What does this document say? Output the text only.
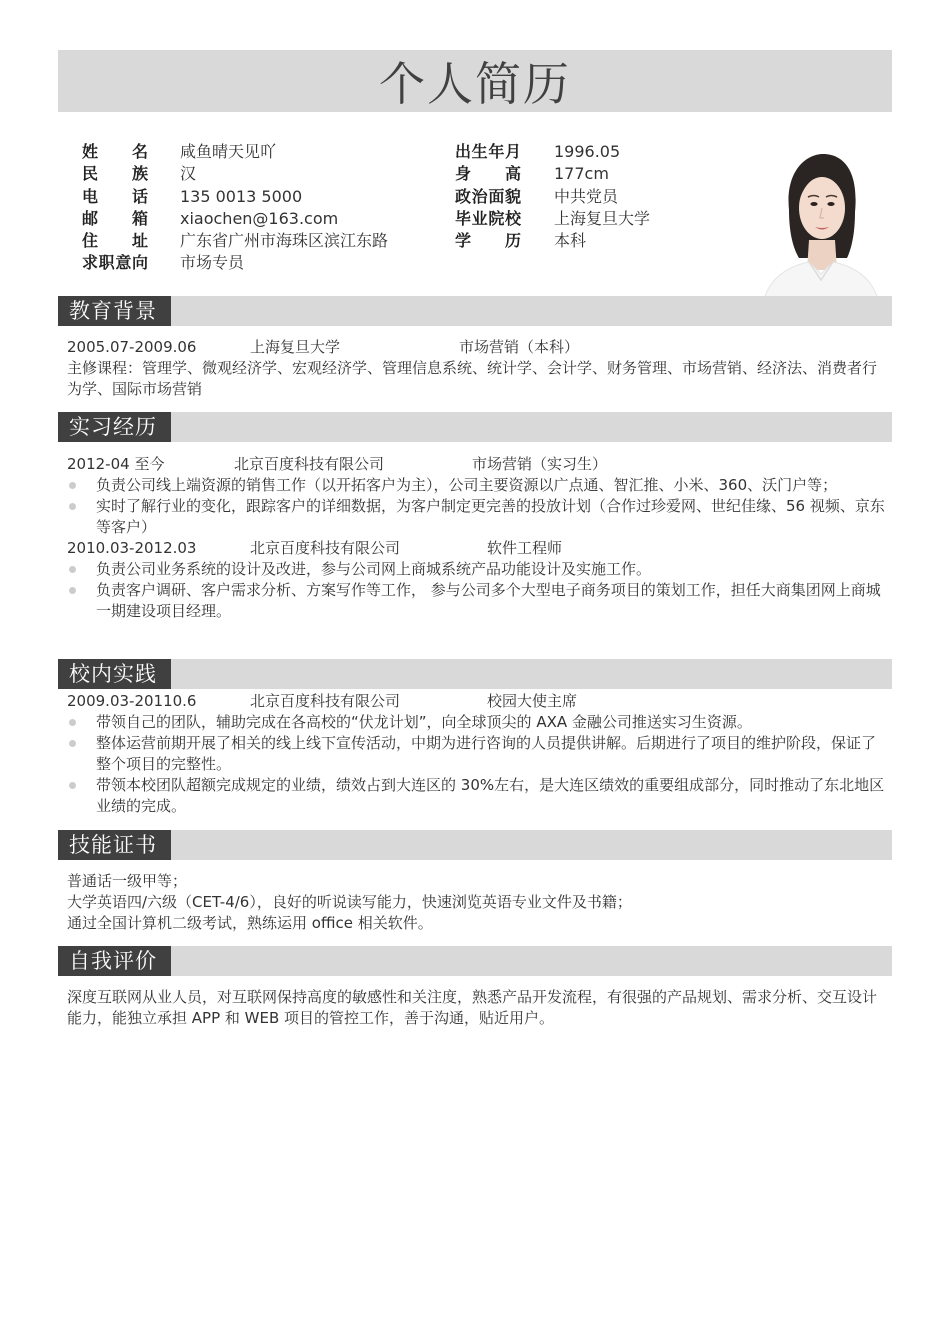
个人简历
姓名 咸鱼晴天见吖
民族 汉
电话 135 0013 5000
邮箱 xiaochen@163.com
住址 广东省广州市海珠区滨江东路
求职意向 市场专员
出生年月 1996.05
身高 177cm
政治面貌 中共党员
毕业院校 上海复旦大学
学历 本科
教育背景
2005.07-2009.06	上海复旦大学	市场营销（本科）

主修课程：管理学、微观经济学、宏观经济学、管理信息系统、统计学、会计学、财务管理、市场营销、经济法、消费者行为学、国际市场营销

实习经历
2012-04 至今	北京百度科技有限公司	市场营销（实习生）

负责公司线上端资源的销售工作（以开拓客户为主），公司主要资源以广点通、智汇推、小米、360、沃门户等；

实时了解行业的变化，跟踪客户的详细数据，为客户制定更完善的投放计划（合作过珍爱网、世纪佳缘、56 视频、京东等客户）

2010.03-2012.03	北京百度科技有限公司	软件工程师

负责公司业务系统的设计及改进，参与公司网上商城系统产品功能设计及实施工作。

负责客户调研、客户需求分析、方案写作等工作， 参与公司多个大型电子商务项目的策划工作，担任大商集团网上商城一期建设项目经理。

校内实践
2009.03-20110.6	北京百度科技有限公司	校园大使主席

带领自己的团队，辅助完成在各高校的“伏龙计划”，向全球顶尖的 AXA 金融公司推送实习生资源。

整体运营前期开展了相关的线上线下宣传活动，中期为进行咨询的人员提供讲解。后期进行了项目的维护阶段，保证了整个项目的完整性。

带领本校团队超额完成规定的业绩，绩效占到大连区的 30%左右，是大连区绩效的重要组成部分，同时推动了东北地区业绩的完成。

技能证书

普通话一级甲等；

大学英语四/六级（CET-4/6），良好的听说读写能力，快速浏览英语专业文件及书籍；

通过全国计算机二级考试，熟练运用 office 相关软件。

自我评价

深度互联网从业人员，对互联网保持高度的敏感性和关注度，熟悉产品开发流程，有很强的产品规划、需求分析、交互设计能力，能独立承担 APP 和 WEB 项目的管控工作，善于沟通，贴近用户。
